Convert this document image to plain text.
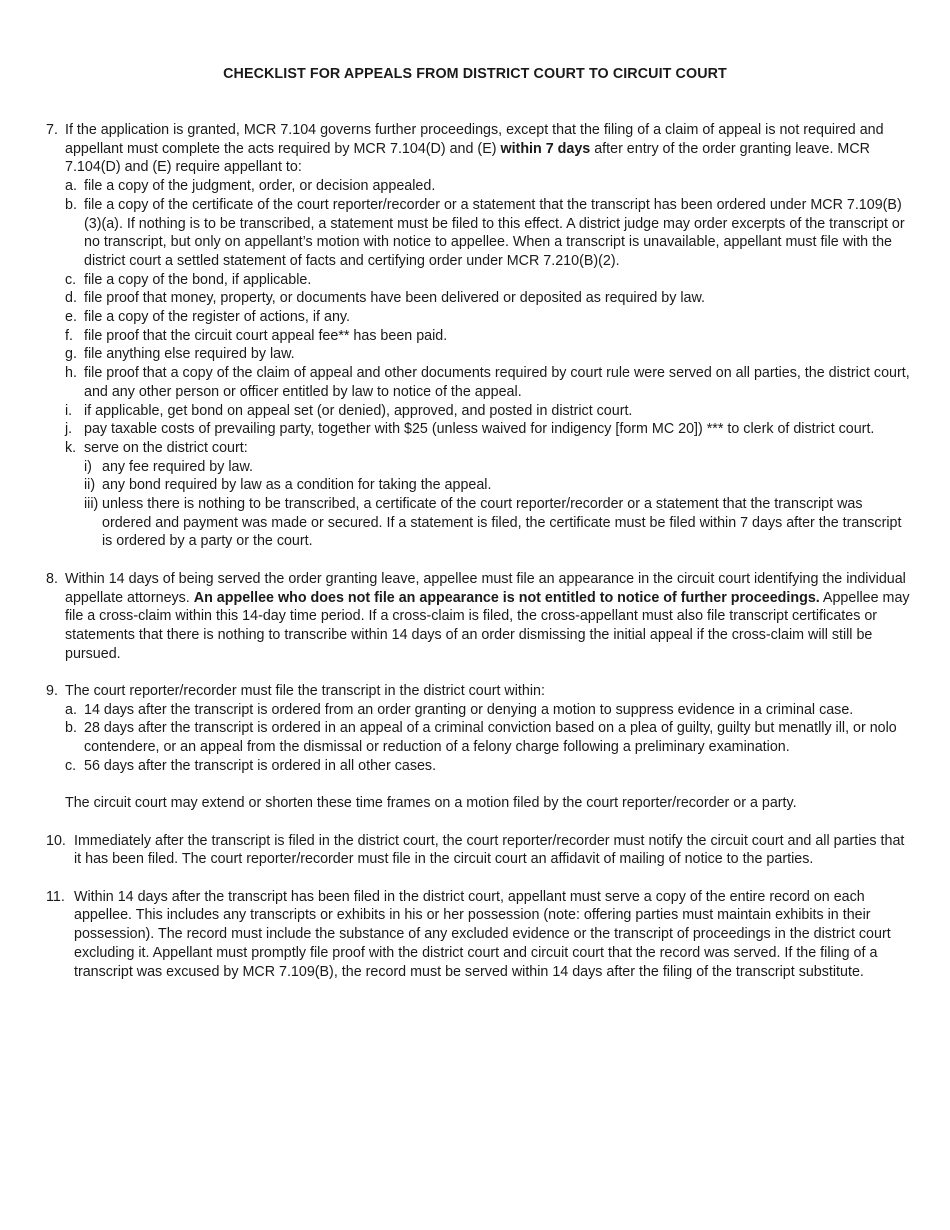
CHECKLIST FOR APPEALS FROM DISTRICT COURT TO CIRCUIT COURT
7. If the application is granted, MCR 7.104 governs further proceedings, except that the filing of a claim of appeal is not required and appellant must complete the acts required by MCR 7.104(D) and (E) within 7 days after entry of the order granting leave. MCR 7.104(D) and (E) require appellant to:
a. file a copy of the judgment, order, or decision appealed.
b. file a copy of the certificate of the court reporter/recorder or a statement that the transcript has been ordered under MCR 7.109(B)(3)(a). If nothing is to be transcribed, a statement must be filed to this effect. A district judge may order excerpts of the transcript or no transcript, but only on appellant’s motion with notice to appellee. When a transcript is unavailable, appellant must file with the district court a settled statement of facts and certifying order under MCR 7.210(B)(2).
c. file a copy of the bond, if applicable.
d. file proof that money, property, or documents have been delivered or deposited as required by law.
e. file a copy of the register of actions, if any.
f. file proof that the circuit court appeal fee** has been paid.
g. file anything else required by law.
h. file proof that a copy of the claim of appeal and other documents required by court rule were served on all parties, the district court, and any other person or officer entitled by law to notice of the appeal.
i. if applicable, get bond on appeal set (or denied), approved, and posted in district court.
j. pay taxable costs of prevailing party, together with $25 (unless waived for indigency [form MC 20]) *** to clerk of district court.
k. serve on the district court:
i) any fee required by law.
ii) any bond required by law as a condition for taking the appeal.
iii) unless there is nothing to be transcribed, a certificate of the court reporter/recorder or a statement that the transcript was ordered and payment was made or secured. If a statement is filed, the certificate must be filed within 7 days after the transcript is ordered by a party or the court.
8. Within 14 days of being served the order granting leave, appellee must file an appearance in the circuit court identifying the individual appellate attorneys. An appellee who does not file an appearance is not entitled to notice of further proceedings. Appellee may file a cross-claim within this 14-day time period. If a cross-claim is filed, the cross-appellant must also file transcript certificates or statements that there is nothing to transcribe within 14 days of an order dismissing the initial appeal if the cross-claim will still be pursued.
9. The court reporter/recorder must file the transcript in the district court within:
a. 14 days after the transcript is ordered from an order granting or denying a motion to suppress evidence in a criminal case.
b. 28 days after the transcript is ordered in an appeal of a criminal conviction based on a plea of guilty, guilty but menatlly ill, or nolo contendere, or an appeal from the dismissal or reduction of a felony charge following a preliminary examination.
c. 56 days after the transcript is ordered in all other cases.
The circuit court may extend or shorten these time frames on a motion filed by the court reporter/recorder or a party.
10. Immediately after the transcript is filed in the district court, the court reporter/recorder must notify the circuit court and all parties that it has been filed. The court reporter/recorder must file in the circuit court an affidavit of mailing of notice to the parties.
11. Within 14 days after the transcript has been filed in the district court, appellant must serve a copy of the entire record on each appellee. This includes any transcripts or exhibits in his or her possession (note: offering parties must maintain exhibits in their possession). The record must include the substance of any excluded evidence or the transcript of proceedings in the district court excluding it. Appellant must promptly file proof with the district court and circuit court that the record was served. If the filing of a transcript was excused by MCR 7.109(B), the record must be served within 14 days after the filing of the transcript substitute.
